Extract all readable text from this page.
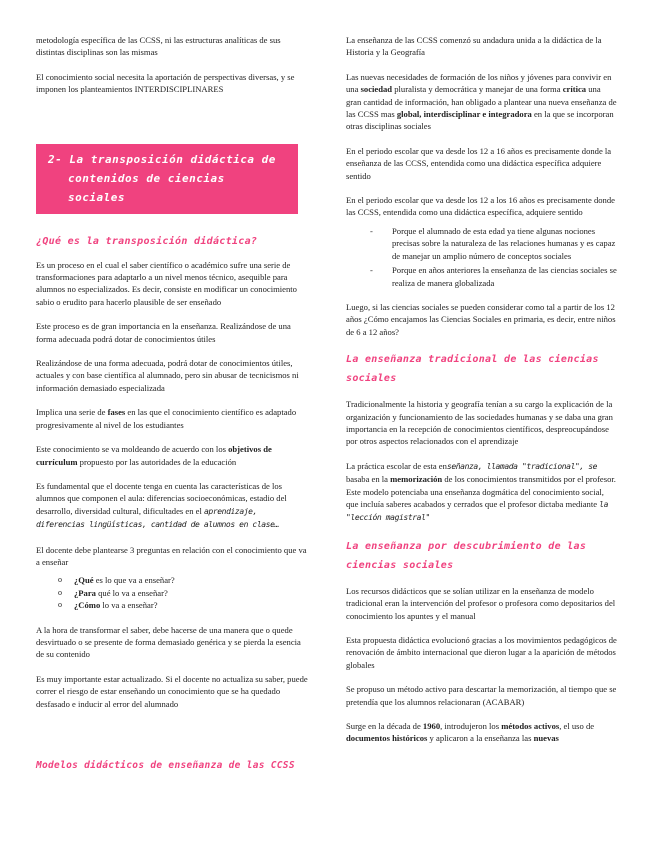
metodología específica de las CCSS, ni las estructuras analíticas de sus distintas disciplinas son las mismas

El conocimiento social necesita la aportación de perspectivas diversas, y se imponen los planteamientos INTERDISCIPLINARES

2- La transposición didáctica de
contenidos de ciencias sociales
¿Qué es la transposición didáctica?

Es un proceso en el cual el saber científico o académico sufre una serie de transformaciones para adaptarlo a un nivel menos técnico, asequible para alumnos no especializados. Es decir, consiste en modificar un conocimiento sabio o erudito para hacerlo plausible de ser enseñado

Este proceso es de gran importancia en la enseñanza. Realizándose de una forma adecuada podrá dotar de conocimientos útiles

Realizándose de una forma adecuada, podrá dotar de conocimientos útiles, actuales y con base científica al alumnado, pero sin abusar de tecnicismos ni información demasiado especializada

Implica una serie de fases en las que el conocimiento científico es adaptado progresivamente al nivel de los estudiantes

Este conocimiento se va moldeando de acuerdo con los objetivos de currículum propuesto por las autoridades de la educación

Es fundamental que el docente tenga en cuenta las características de los alumnos que componen el aula: diferencias socioeconómicas, estadio del desarrollo, diversidad cultural, dificultades en el aprendizaje, diferencias lingüísticas, cantidad de alumnos en clase…

El docente debe plantearse 3 preguntas en relación con el conocimiento que va a enseñar

o ¿Qué es lo que va a enseñar?
o ¿Para qué lo va a enseñar?
o ¿Cómo lo va a enseñar?

A la hora de transformar el saber, debe hacerse de una manera que o quede desvirtuado o se presente de forma demasiado genérica y se pierda la esencia de su contenido

Es muy importante estar actualizado. Si el docente no actualiza su saber, puede correr el riesgo de estar enseñando un conocimiento que se ha quedado desfasado e inducir al error del alumnado

Modelos didácticos de enseñanza de las CCSS

La enseñanza de las CCSS comenzó su andadura unida a la didáctica de la Historia y la Geografía

Las nuevas necesidades de formación de los niños y jóvenes para convivir en una sociedad pluralista y democrática y manejar de una forma crítica una gran cantidad de información, han obligado a plantear una nueva enseñanza de las CCSS mas global, interdisciplinar e integradora en la que se incorporan otras disciplinas sociales

En el periodo escolar que va desde los 12 a 16 años es precisamente donde la enseñanza de las CCSS, entendida como una didáctica específica adquiere sentido

En el periodo escolar que va desde los 12 a los 16 años es precisamente donde las CCSS, entendida como una didáctica específica, adquiere sentido

- Porque el alumnado de esta edad ya tiene algunas nociones precisas sobre la naturaleza de las relaciones humanas y es capaz de manejar un amplio número de conceptos sociales
- Porque en años anteriores la enseñanza de las ciencias sociales se realiza de manera globalizada

Luego, si las ciencias sociales se pueden considerar como tal a partir de los 12 años ¿Cómo encajamos las Ciencias Sociales en primaria, es decir, entre niños de 6 a 12 años?

La enseñanza tradicional de las ciencias sociales

Tradicionalmente la historia y geografía tenían a su cargo la explicación de la organización y funcionamiento de las sociedades humanas y se daba una gran importancia en la recepción de conocimientos científicos, despreocupándose por otros aspectos relacionados con el aprendizaje

La práctica escolar de esta enseñanza, llamada "tradicional", se basaba en la memorización de los conocimientos transmitidos por el profesor. Este modelo potenciaba una enseñanza dogmática del conocimiento social, que incluía saberes acabados y cerrados que el profesor dictaba mediante la "lección magistral"

La enseñanza por descubrimiento de las ciencias sociales

Los recursos didácticos que se solían utilizar en la enseñanza de modelo tradicional eran la intervención del profesor o profesora como depositarios del conocimiento los apuntes y el manual

Esta propuesta didáctica evolucionó gracias a los movimientos pedagógicos de renovación de ámbito internacional que dieron lugar a la aparición de métodos globales

Se propuso un método activo para descartar la memorización, al tiempo que se pretendía que los alumnos relacionaran (ACABAR)

Surge en la década de 1960, introdujeron los métodos activos, el uso de documentos históricos y aplicaron a la enseñanza las nuevas
